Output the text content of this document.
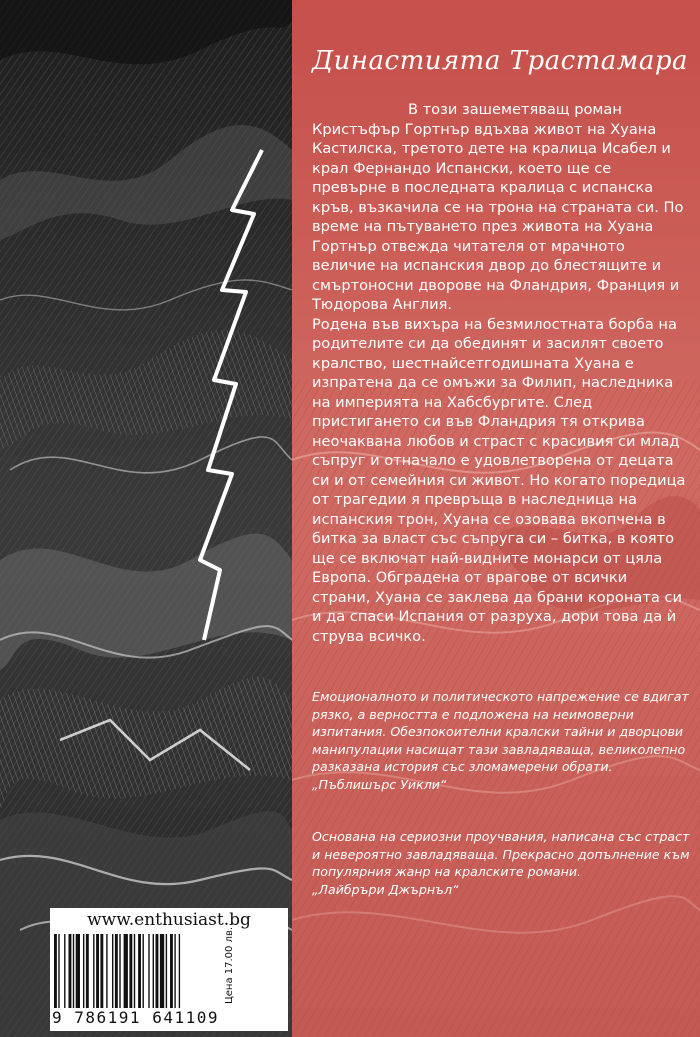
Династията Трастамара

В този зашеметяващ роман Кристъфър Гортнър вдъхва живот на Хуана Кастилска, третото дете на кралица Исабел и крал Фернандо Испански, което ще се превърне в последната кралица с испанска кръв, възкачила се на трона на страната си. По време на пътуването през живота на Хуана Гортнър отвежда читателя от мрачното величие на испанския двор до блестящите и смъртоносни дворове на Фландрия, Франция и Тюдорова Англия.

Родена във вихъра на безмилостната борба на родителите си да обединят и засилят своето кралство, шестнайсетгодишната Хуана е изпратена да се омъжи за Филип, наследника на империята на Хабсбургите. След пристигането си във Фландрия тя открива неочаквана любов и страст с красивия си млад съпруг и отначало е удовлетворена от децата си и от семейния си живот. Но когато поредица от трагедии я превръща в наследница на испанския трон, Хуана се озовава вкопчена в битка за власт със съпруга си – битка, в която ще се включат най-видните монарси от цяла Европа. Обградена от врагове от всички страни, Хуана се заклева да брани короната си и да спаси Испания от разруха, дори това да ѝ струва всичко.

Емоционалното и политическото напрежение се вдигат рязко, а верността е подложена на неимоверни изпитания. Обезпокоителни кралски тайни и дворцови манипулации насищат тази завладяваща, великолепно разказана история със зломамерени обрати.

„Пъблишърс Уикли“

Основана на сериозни проучвания, написана със страст и невероятно завладяваща. Прекрасно допълнение към популярния жанр на кралските романи.

„Лайбръри Джърнъл“

www.enthusiast.bg
9 786191 641109
Цена 17.00 лв.
